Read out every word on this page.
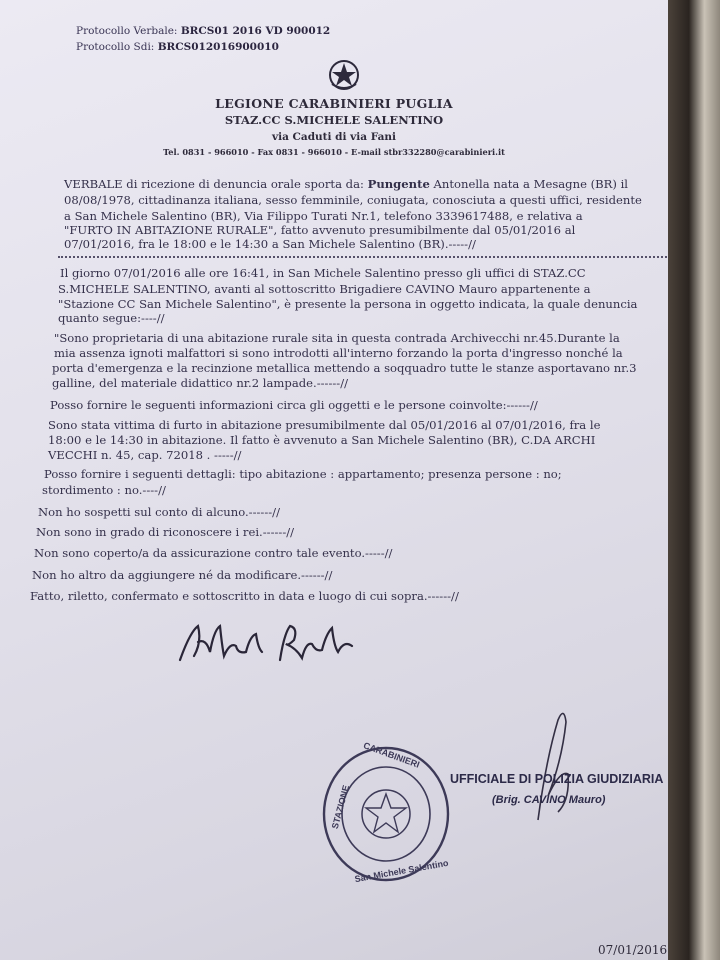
Protocollo Verbale: BRCS01 2016 VD 900012
Protocollo Sdi: BRCS012016900010
LEGIONE CARABINIERI PUGLIA
STAZ.CC S.MICHELE SALENTINO
via Caduti di via Fani
Tel. 0831 - 966010 - Fax 0831 - 966010 - E-mail stbr332280@carabinieri.it
VERBALE di ricezione di denuncia orale sporta da: Pungente Antonella nata a Mesagne (BR) il
08/08/1978, cittadinanza italiana, sesso femminile, coniugata, conosciuta a questi uffici, residente
a San Michele Salentino (BR), Via Filippo Turati Nr.1, telefono 3339617488, e relativa a
"FURTO IN ABITAZIONE RURALE", fatto avvenuto presumibilmente dal 05/01/2016 al
07/01/2016, fra le 18:00 e le 14:30 a San Michele Salentino (BR).-----//
Il giorno 07/01/2016 alle ore 16:41, in San Michele Salentino presso gli uffici di STAZ.CC
S.MICHELE SALENTINO, avanti al sottoscritto Brigadiere CAVINO Mauro appartenente a
"Stazione CC San Michele Salentino", è presente la persona in oggetto indicata, la quale denuncia
quanto segue:----//
"Sono proprietaria di una abitazione rurale sita in questa contrada Archivecchi nr.45.Durante la
mia assenza ignoti malfattori si sono introdotti all'interno forzando la porta d'ingresso nonché la
porta d'emergenza e la recinzione metallica mettendo a soqquadro tutte le stanze asportavano nr.3
galline, del materiale didattico nr.2 lampade.------//
Posso fornire le seguenti informazioni circa gli oggetti e le persone coinvolte:------//
Sono stata vittima di furto in abitazione presumibilmente dal 05/01/2016 al 07/01/2016, fra le
18:00 e le 14:30 in abitazione. Il fatto è avvenuto a San Michele Salentino (BR), C.DA ARCHI
VECCHI n. 45, cap. 72018 . -----//
Posso fornire i seguenti dettagli: tipo abitazione : appartamento; presenza persone : no;
stordimento : no.----//
Non ho sospetti sul conto di alcuno.------//
Non sono in grado di riconoscere i rei.------//
Non sono coperto/a da assicurazione contro tale evento.-----//
Non ho altro da aggiungere né da modificare.------//
Fatto, riletto, confermato e sottoscritto in data e luogo di cui sopra.------//
CARABINIERI
STAZIONE
San Michele Salentino
UFFICIALE DI POLIZIA GIUDIZIARIA
(Brig. CAVINO Mauro)
07/01/2016
